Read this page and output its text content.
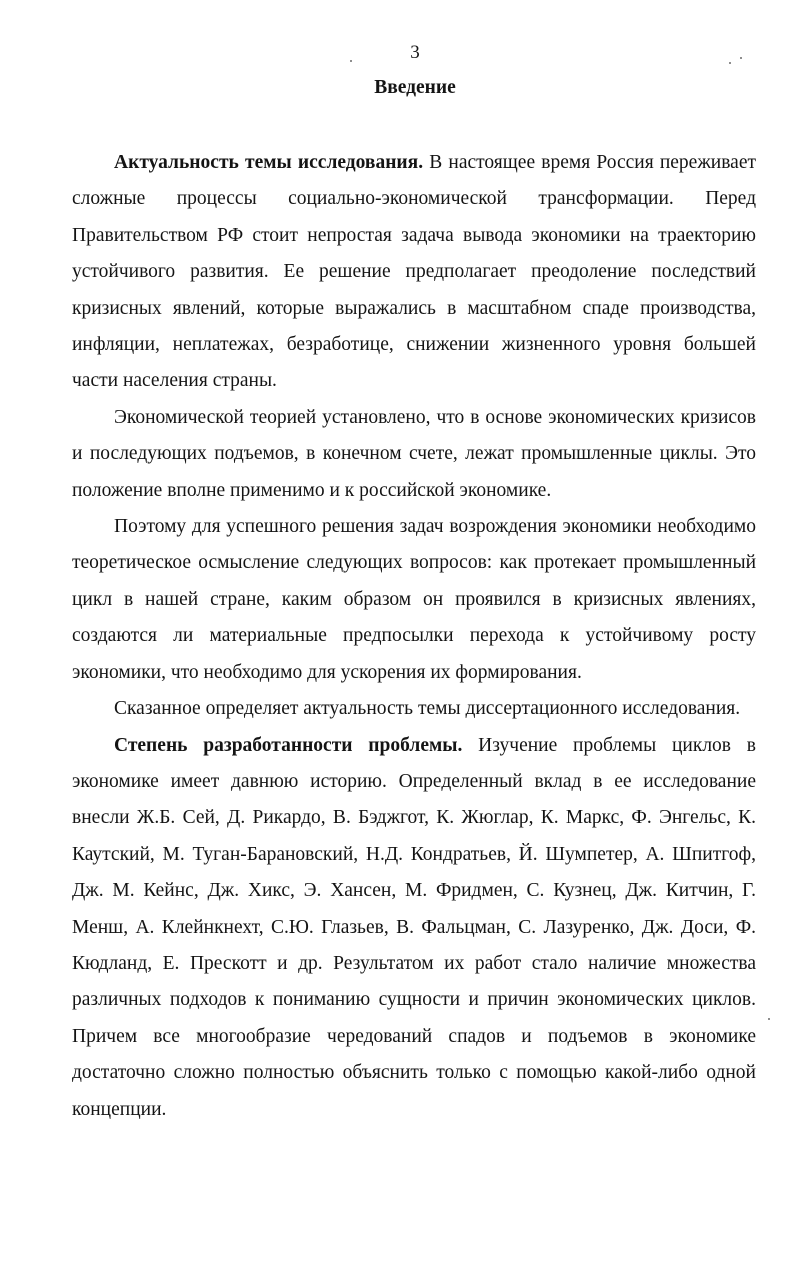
3
Введение

Актуальность темы исследования. В настоящее время Россия переживает сложные процессы социально-экономической трансформации. Перед Правительством РФ стоит непростая задача вывода экономики на траекторию устойчивого развития. Ее решение предполагает преодоление последствий кризисных явлений, которые выражались в масштабном спаде производства, инфляции, неплатежах, безработице, снижении жизненного уровня большей части населения страны.

Экономической теорией установлено, что в основе экономических кризисов и последующих подъемов, в конечном счете, лежат промышленные циклы. Это положение вполне применимо и к российской экономике.

Поэтому для успешного решения задач возрождения экономики необходимо теоретическое осмысление следующих вопросов: как протекает промышленный цикл в нашей стране, каким образом он проявился в кризисных явлениях, создаются ли материальные предпосылки перехода к устойчивому росту экономики, что необходимо для ускорения их формирования.

Сказанное определяет актуальность темы диссертационного исследования.

Степень разработанности проблемы. Изучение проблемы циклов в экономике имеет давнюю историю. Определенный вклад в ее исследование внесли Ж.Б. Сей, Д. Рикардо, В. Бэджгот, К. Жюглар, К. Маркс, Ф. Энгельс, К. Каутский, М. Туган-Барановский, Н.Д. Кондратьев, Й. Шумпетер, А. Шпитгоф, Дж. М. Кейнс, Дж. Хикс, Э. Хансен, М. Фридмен, С. Кузнец, Дж. Китчин, Г. Менш, А. Клейнкнехт, С.Ю. Глазьев, В. Фальцман, С. Лазуренко, Дж. Доси, Ф. Кюдланд, Е. Прескотт и др. Результатом их работ стало наличие множества различных подходов к пониманию сущности и причин экономических циклов. Причем все многообразие чередований спадов и подъемов в экономике достаточно сложно полностью объяснить только с помощью какой-либо одной концепции.
